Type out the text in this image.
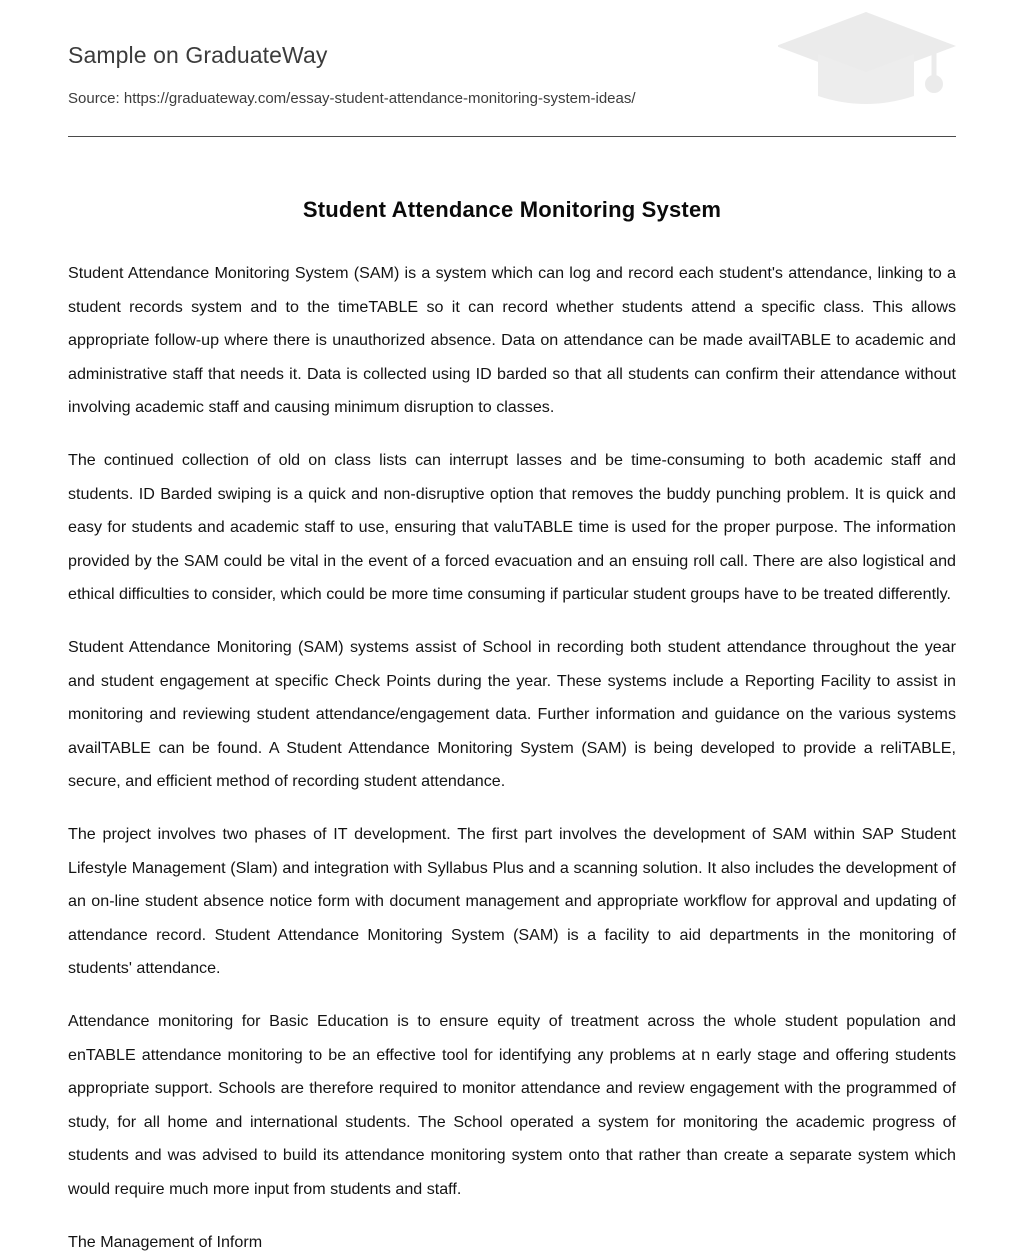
Sample on GraduateWay
Source: https://graduateway.com/essay-student-attendance-monitoring-system-ideas/
Student Attendance Monitoring System

Student Attendance Monitoring System (SAM) is a system which can log and record each student's attendance, linking to a student records system and to the timeTABLE so it can record whether students attend a specific class. This allows appropriate follow-up where there is unauthorized absence. Data on attendance can be made availTABLE to academic and administrative staff that needs it. Data is collected using ID barded so that all students can confirm their attendance without involving academic staff and causing minimum disruption to classes.

The continued collection of old on class lists can interrupt lasses and be time-consuming to both academic staff and students. ID Barded swiping is a quick and non-disruptive option that removes the buddy punching problem. It is quick and easy for students and academic staff to use, ensuring that valuTABLE time is used for the proper purpose. The information provided by the SAM could be vital in the event of a forced evacuation and an ensuing roll call. There are also logistical and ethical difficulties to consider, which could be more time consuming if particular student groups have to be treated differently.

Student Attendance Monitoring (SAM) systems assist of School in recording both student attendance throughout the year and student engagement at specific Check Points during the year. These systems include a Reporting Facility to assist in monitoring and reviewing student attendance/engagement data. Further information and guidance on the various systems availTABLE can be found. A Student Attendance Monitoring System (SAM) is being developed to provide a reliTABLE, secure, and efficient method of recording student attendance.

The project involves two phases of IT development. The first part involves the development of SAM within SAP Student Lifestyle Management (Slam) and integration with Syllabus Plus and a scanning solution. It also includes the development of an on-line student absence notice form with document management and appropriate workflow for approval and updating of attendance record. Student Attendance Monitoring System (SAM) is a facility to aid departments in the monitoring of students' attendance.

Attendance monitoring for Basic Education is to ensure equity of treatment across the whole student population and enTABLE attendance monitoring to be an effective tool for identifying any problems at n early stage and offering students appropriate support. Schools are therefore required to monitor attendance and review engagement with the programmed of study, for all home and international students. The School operated a system for monitoring the academic progress of students and was advised to build its attendance monitoring system onto that rather than create a separate system which would require much more input from students and staff.

The Management of Inform
